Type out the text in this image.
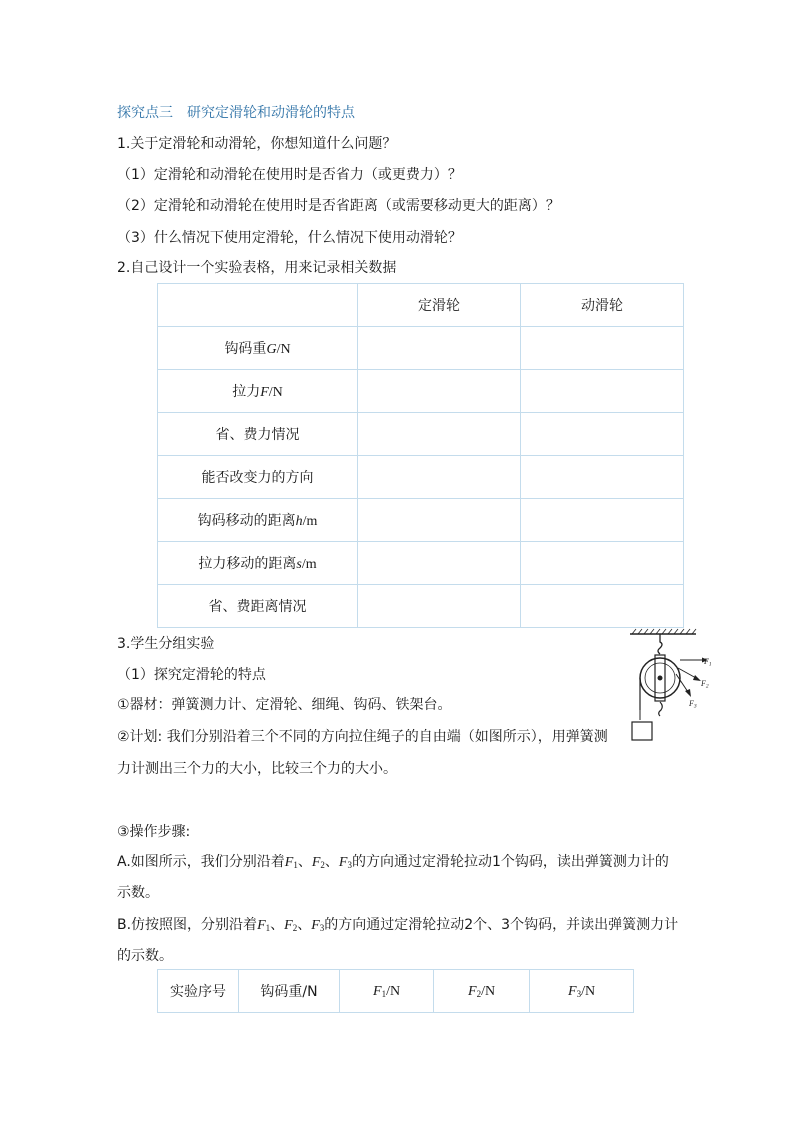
探究点三　研究定滑轮和动滑轮的特点
1.关于定滑轮和动滑轮，你想知道什么问题？
（1）定滑轮和动滑轮在使用时是否省力（或更费力）？
（2）定滑轮和动滑轮在使用时是否省距离（或需要移动更大的距离）？
（3）什么情况下使用定滑轮，什么情况下使用动滑轮？
2.自己设计一个实验表格，用来记录相关数据
	定滑轮	动滑轮
钩码重G/N		
拉力F/N		
省、费力情况		
能否改变力的方向		
钩码移动的距离h/m		
拉力移动的距离s/m		
省、费距离情况		
3.学生分组实验
（1）探究定滑轮的特点
①器材：弹簧测力计、定滑轮、细绳、钩码、铁架台。
②计划: 我们分别沿着三个不同的方向拉住绳子的自由端（如图所示），用弹簧测
力计测出三个力的大小，比较三个力的大小。
③操作步骤:
A.如图所示，我们分别沿着$F_1$、$F_2$、$F_3$的方向通过定滑轮拉动1个钩码，读出弹簧测力计的
示数。
B.仿按照图，分别沿着$F_1$、$F_2$、$F_3$的方向通过定滑轮拉动2个、3个钩码，并读出弹簧测力计
的示数。
实验序号	钩码重/N	$F_1/N$	$F_2/N$	$F_3/N$
F1
F2
F3
